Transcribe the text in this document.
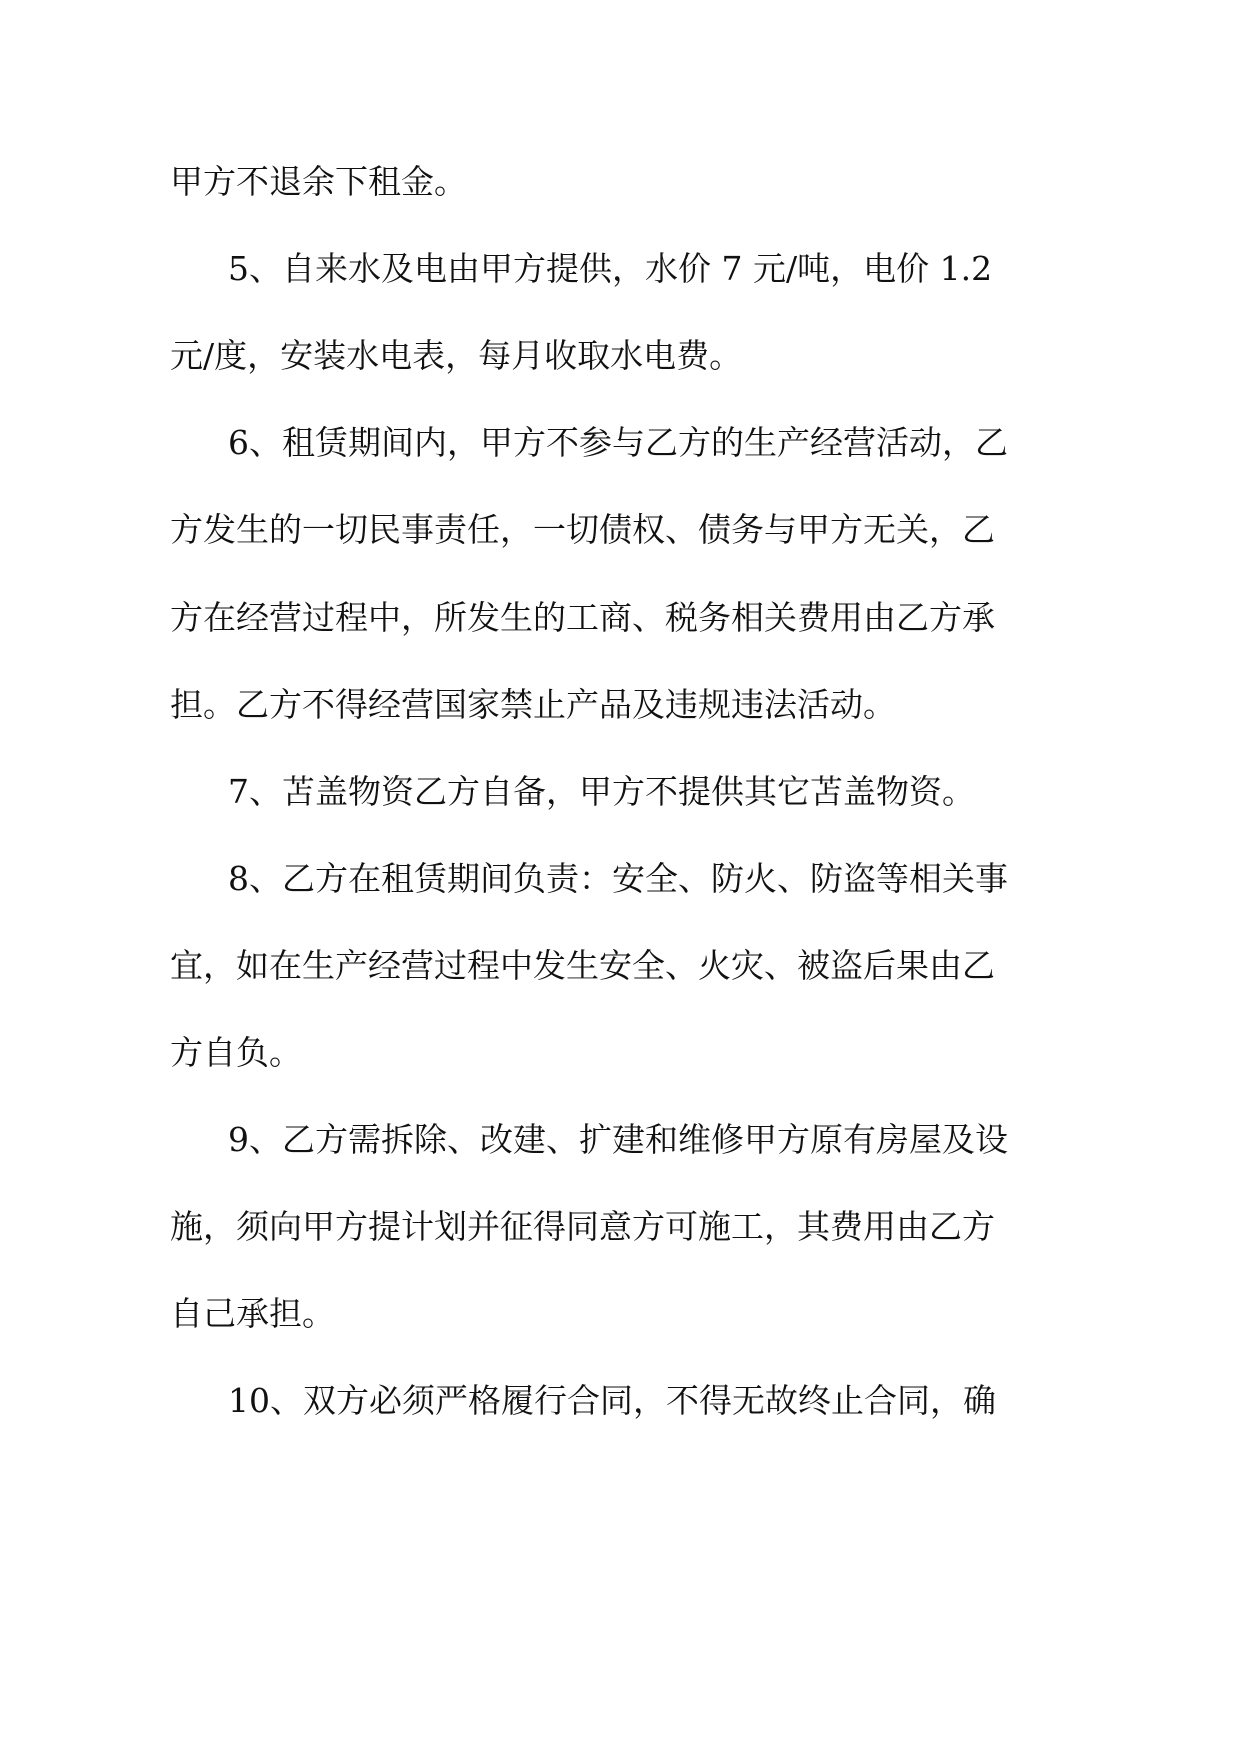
甲方不退余下租金。
5、自来水及电由甲方提供，水价 7 元/吨，电价 1.2
元/度，安装水电表，每月收取水电费。
6、租赁期间内，甲方不参与乙方的生产经营活动，乙
方发生的一切民事责任，一切债权、债务与甲方无关，乙
方在经营过程中，所发生的工商、税务相关费用由乙方承
担。乙方不得经营国家禁止产品及违规违法活动。
7、苫盖物资乙方自备，甲方不提供其它苫盖物资。
8、乙方在租赁期间负责：安全、防火、防盗等相关事
宜，如在生产经营过程中发生安全、火灾、被盗后果由乙
方自负。
9、乙方需拆除、改建、扩建和维修甲方原有房屋及设
施，须向甲方提计划并征得同意方可施工，其费用由乙方
自己承担。
10、双方必须严格履行合同，不得无故终止合同，确
